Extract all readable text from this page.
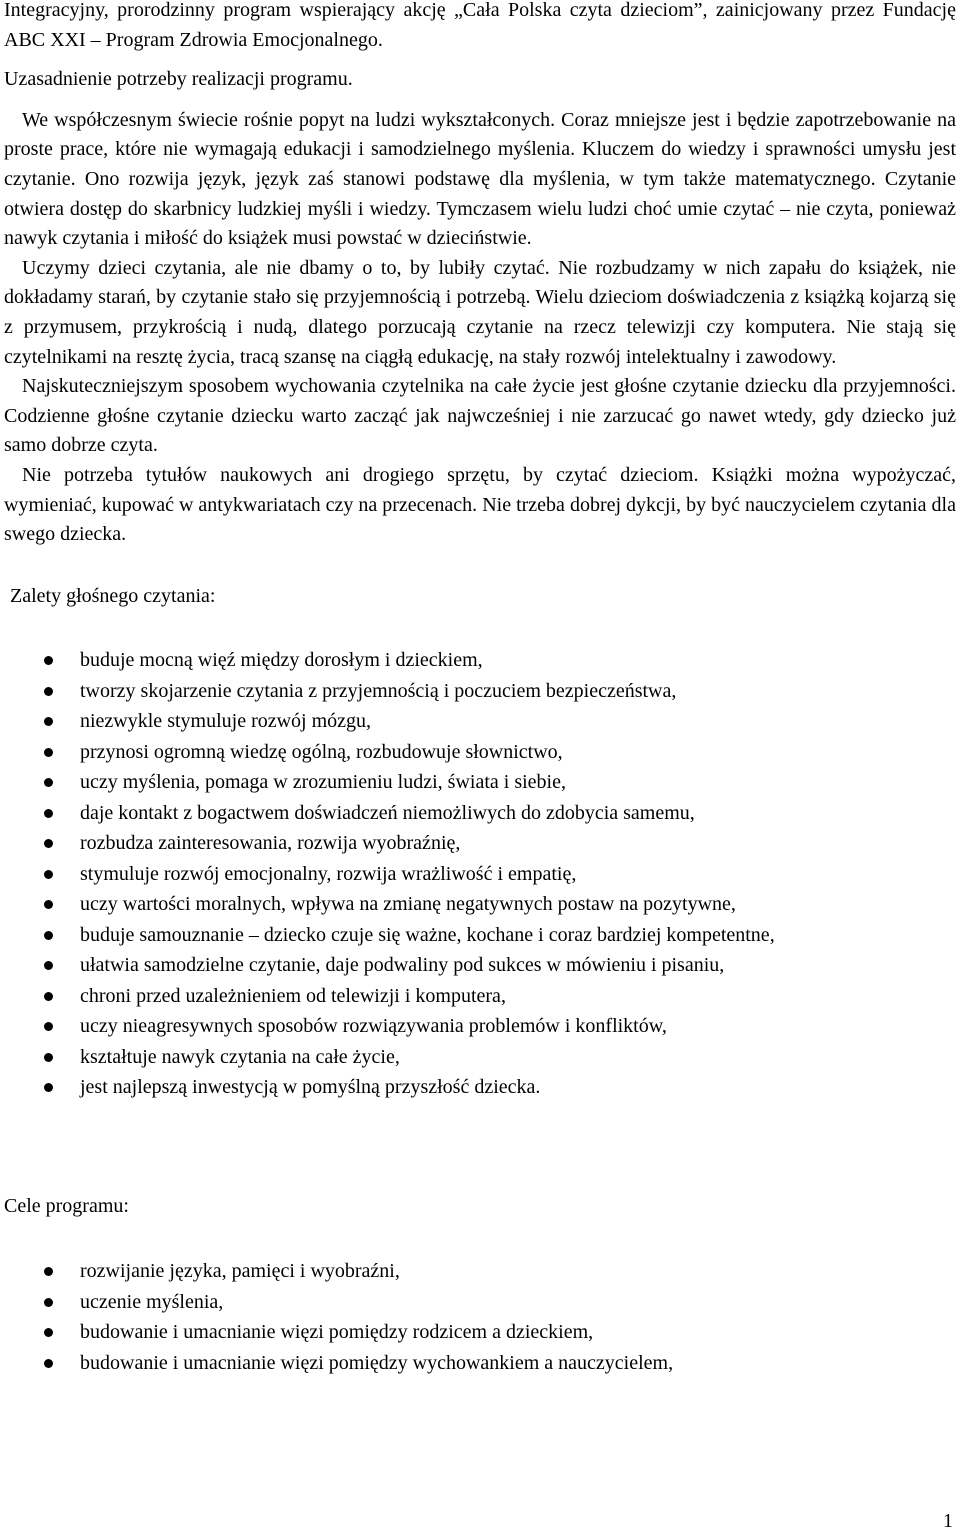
Integracyjny, prorodzinny program wspierający akcję „Cała Polska czyta dzieciom”, zainicjowany przez Fundację ABC XXI – Program Zdrowia Emocjonalnego.

Uzasadnienie potrzeby realizacji programu.

We współczesnym świecie rośnie popyt na ludzi wykształconych. Coraz mniejsze jest i będzie zapotrzebowanie na proste prace, które nie wymagają edukacji i samodzielnego myślenia. Kluczem do wiedzy i sprawności umysłu jest czytanie. Ono rozwija język, język zaś stanowi podstawę dla myślenia, w tym także matematycznego. Czytanie otwiera dostęp do skarbnicy ludzkiej myśli i wiedzy. Tymczasem wielu ludzi choć umie czytać – nie czyta, ponieważ nawyk czytania i miłość do książek musi powstać w dzieciństwie.

Uczymy dzieci czytania, ale nie dbamy o to, by lubiły czytać. Nie rozbudzamy w nich zapału do książek, nie dokładamy starań, by czytanie stało się przyjemnością i potrzebą. Wielu dzieciom doświadczenia z książką kojarzą się z przymusem, przykrością i nudą, dlatego porzucają czytanie na rzecz telewizji czy komputera. Nie stają się czytelnikami na resztę życia, tracą szansę na ciągłą edukację, na stały rozwój intelektualny i zawodowy.

Najskuteczniejszym sposobem wychowania czytelnika na całe życie jest głośne czytanie dziecku dla przyjemności. Codzienne głośne czytanie dziecku warto zacząć jak najwcześniej i nie zarzucać go nawet wtedy, gdy dziecko już samo dobrze czyta.

Nie potrzeba tytułów naukowych ani drogiego sprzętu, by czytać dzieciom. Książki można wypożyczać, wymieniać, kupować w antykwariatach czy na przecenach. Nie trzeba dobrej dykcji, by być nauczycielem czytania dla swego dziecka.

Zalety głośnego czytania:
buduje mocną więź między dorosłym i dzieckiem,
tworzy skojarzenie czytania z przyjemnością i poczuciem bezpieczeństwa,
niezwykle stymuluje rozwój mózgu,
przynosi ogromną wiedzę ogólną, rozbudowuje słownictwo,
uczy myślenia, pomaga w zrozumieniu ludzi, świata i siebie,
daje kontakt z bogactwem doświadczeń niemożliwych do zdobycia samemu,
rozbudza zainteresowania, rozwija wyobraźnię,
stymuluje rozwój emocjonalny, rozwija wrażliwość i empatię,
uczy wartości moralnych, wpływa na zmianę negatywnych postaw na pozytywne,
buduje samouznanie – dziecko czuje się ważne, kochane i coraz bardziej kompetentne,
ułatwia samodzielne czytanie, daje podwaliny pod sukces w mówieniu i pisaniu,
chroni przed uzależnieniem od telewizji i komputera,
uczy nieagresywnych sposobów rozwiązywania problemów i konfliktów,
kształtuje nawyk czytania na całe życie,
jest najlepszą inwestycją w pomyślną przyszłość dziecka.
Cele programu:
rozwijanie języka, pamięci i wyobraźni,
uczenie myślenia,
budowanie i umacnianie więzi pomiędzy rodzicem a dzieckiem,
budowanie i umacnianie więzi pomiędzy wychowankiem a nauczycielem,
1
